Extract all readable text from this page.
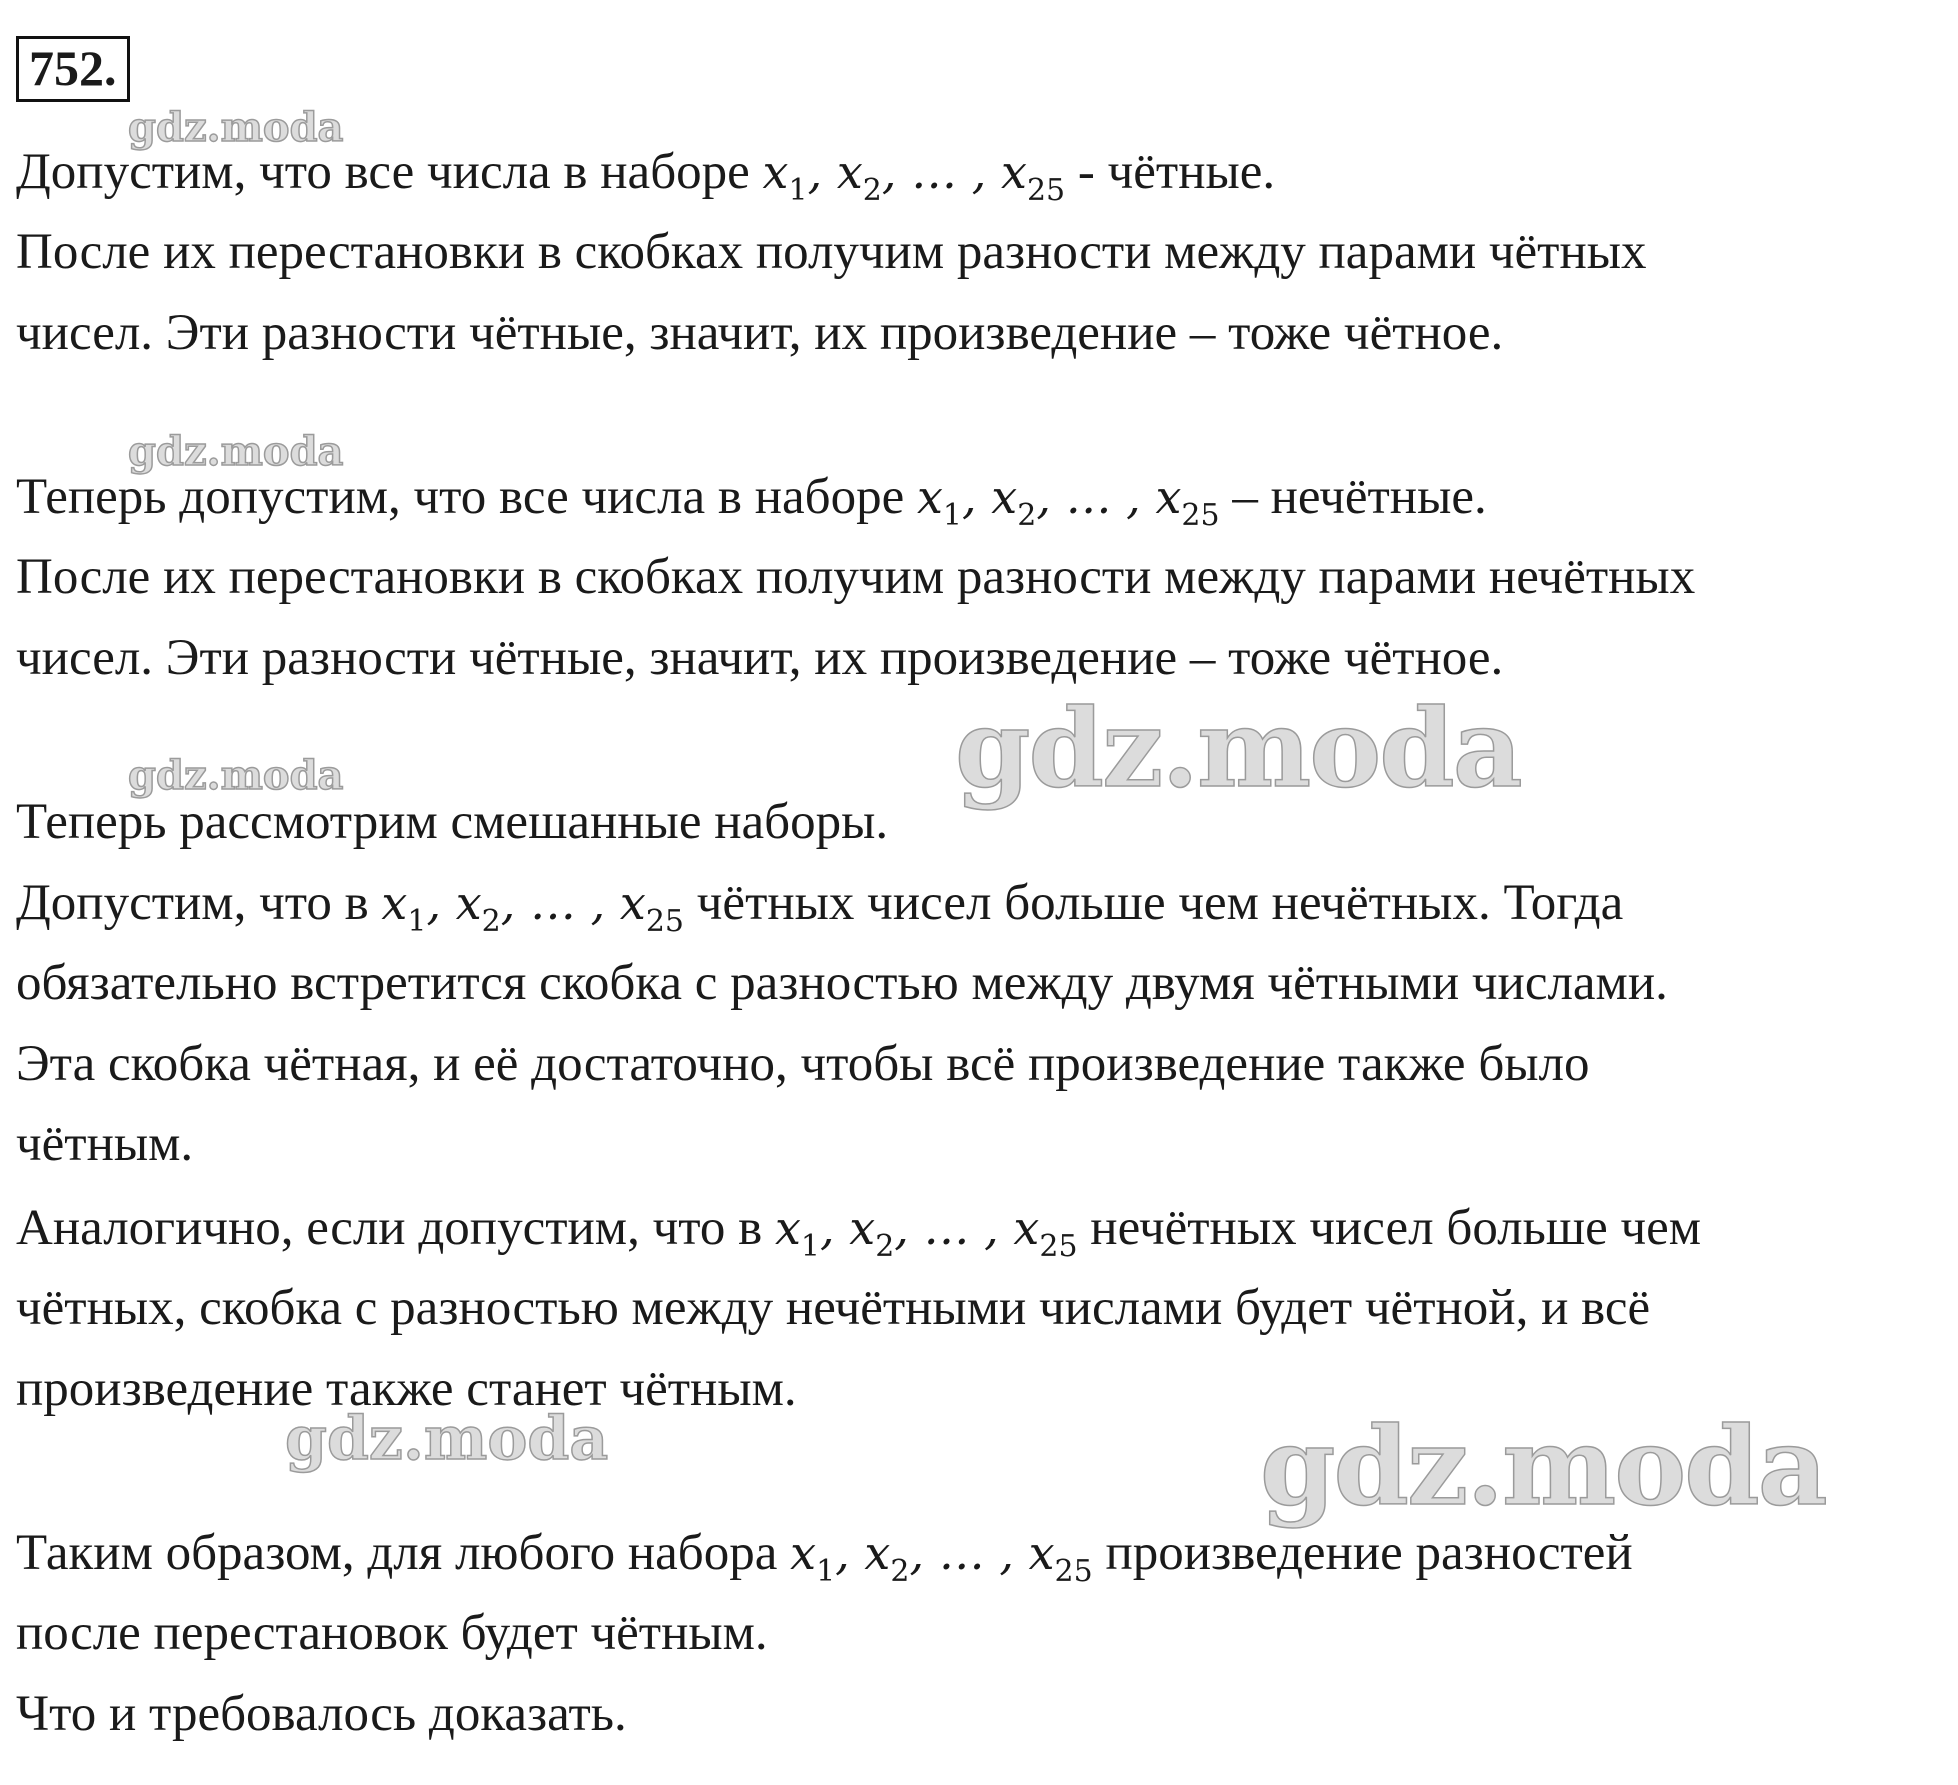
752.
gdz.moda
gdz.moda
gdz.moda	gdz.moda
gdz.moda	gdz.moda
Допустим, что все числа в наборе $x_1$, $x_2$, … , $x_{25}$ - чётные.
После их перестановки в скобках получим разности между парами чётных
чисел. Эти разности чётные, значит, их произведение – тоже чётное.
Теперь допустим, что все числа в наборе $x_1$, $x_2$, … , $x_{25}$ – нечётные.
После их перестановки в скобках получим разности между парами нечётных
чисел. Эти разности чётные, значит, их произведение – тоже чётное.
Теперь рассмотрим смешанные наборы.
Допустим, что в $x_1$, $x_2$, … , $x_{25}$ чётных чисел больше чем нечётных. Тогда
обязательно встретится скобка с разностью между двумя чётными числами.
Эта скобка чётная, и её достаточно, чтобы всё произведение также было
чётным.
Аналогично, если допустим, что в $x_1$, $x_2$, … , $x_{25}$ нечётных чисел больше чем
чётных, скобка с разностью между нечётными числами будет чётной, и всё
произведение также станет чётным.
Таким образом, для любого набора $x_1$, $x_2$, … , $x_{25}$ произведение разностей
после перестановок будет чётным.
Что и требовалось доказать.
